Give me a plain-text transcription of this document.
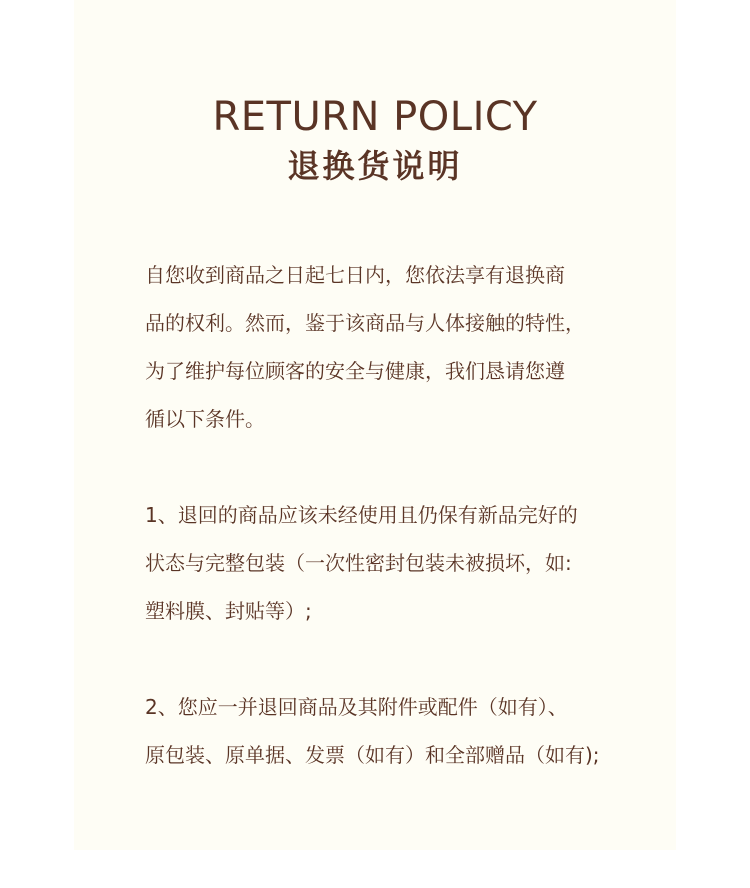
RETURN POLICY
退换货说明
自您收到商品之日起七日内，您依法享有退换商
品的权利。然而，鉴于该商品与人体接触的特性，
为了维护每位顾客的安全与健康，我们恳请您遵
循以下条件。
1、退回的商品应该未经使用且仍保有新品完好的
状态与完整包装（一次性密封包装未被损坏，如:
塑料膜、封贴等）;
2、您应一并退回商品及其附件或配件（如有）、
原包装、原单据、发票（如有）和全部赠品（如有);
